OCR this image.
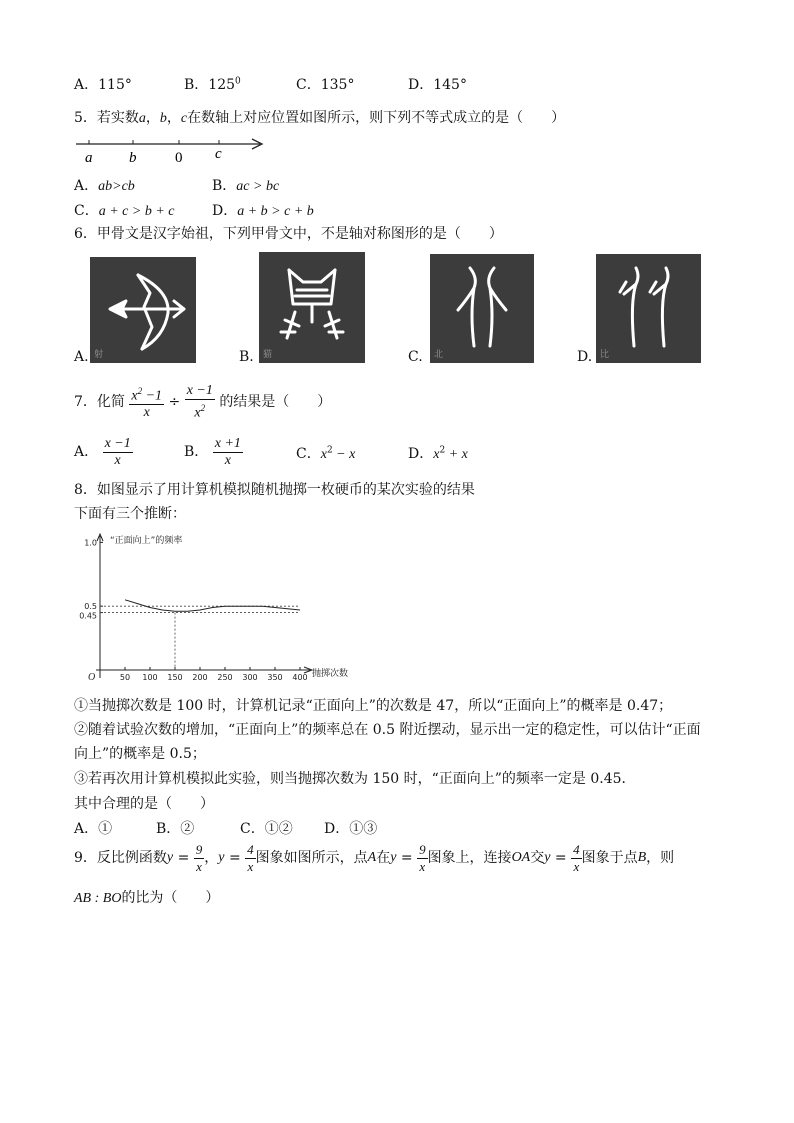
A．115°	B．$125^0$	C．135°	D．145°
5．若实数a，b，c在数轴上对应位置如图所示，则下列不等式成立的是（　　）
a b	0 c
A．ab>cb	B．ac > bc
C．a + c > b + c	D．a + b > c + b
6．甲骨文是汉字始祖，下列甲骨文中，不是轴对称图形的是（　　）
A. 射	B. 猫	C. 北	D. 比
7．化简 $\frac{x^2 -1}{x} \div \frac{x -1}{x^2}$ 的结果是（　　）
A． $\frac{x -1}{x}$	B． $\frac{x +1}{x}$	C．$x^2 - x$	D．$x^2 + x$
8．如图显示了用计算机模拟随机抛掷一枚硬币的某次实验的结果
下面有三个推断：
“正面向上”的频率
抛掷次数
O	50 100 150 200 250 300 350 400
0.45
0.5
1.0
①当抛掷次数是 100 时，计算机记录“正面向上”的次数是 47，所以“正面向上”的概率是 0.47；
②随着试验次数的增加，“正面向上”的频率总在 0.5 附近摆动，显示出一定的稳定性，可以估计“正面
向上”的概率是 0.5；
③若再次用计算机模拟此实验，则当抛掷次数为 150 时，“正面向上”的频率一定是 0.45．
其中合理的是（　　）
A．①	B．②	C．①② D．①③
9．反比例函数$y = \frac{9}{x}$ ，$y = \frac{4}{x}$ 图象如图所示，点A在$y = \frac{9}{x}$ 图象上，连接OA交$y = \frac{4}{x}$ 图象于点B，则
AB : BO的比为（　　）
